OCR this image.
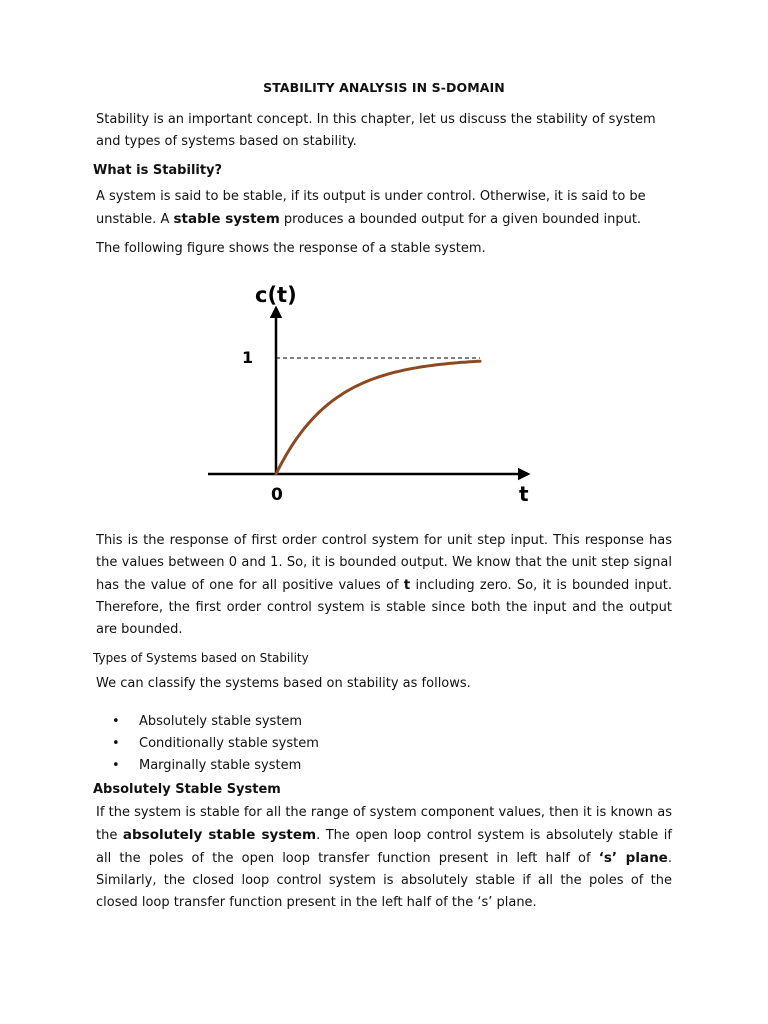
STABILITY ANALYSIS IN S-DOMAIN

Stability is an important concept. In this chapter, let us discuss the stability of system and types of systems based on stability.

What is Stability?

A system is said to be stable, if its output is under control. Otherwise, it is said to be unstable. A stable system produces a bounded output for a given bounded input.

The following figure shows the response of a stable system.

c(t)
1
0	t

This is the response of first order control system for unit step input. This response has the values between 0 and 1. So, it is bounded output. We know that the unit step signal has the value of one for all positive values of t including zero. So, it is bounded input. Therefore, the first order control system is stable since both the input and the output are bounded.

Types of Systems based on Stability

We can classify the systems based on stability as follows.

• Absolutely stable system
• Conditionally stable system
• Marginally stable system

Absolutely Stable System

If the system is stable for all the range of system component values, then it is known as the absolutely stable system. The open loop control system is absolutely stable if all the poles of the open loop transfer function present in left half of ‘s’ plane. Similarly, the closed loop control system is absolutely stable if all the poles of the closed loop transfer function present in the left half of the ‘s’ plane.
